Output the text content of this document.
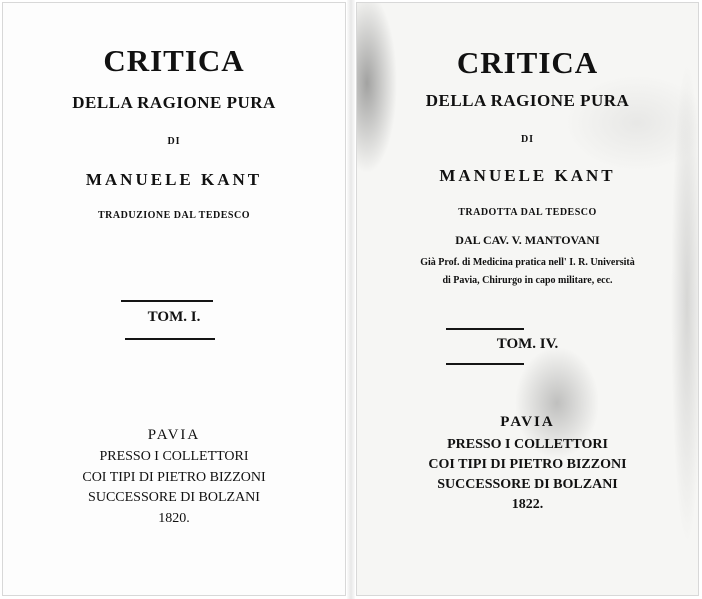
CRITICA
DELLA RAGIONE PURA
DI
MANUELE KANT
TRADUZIONE DAL TEDESCO
TOM. I.
PAVIA
PRESSO I COLLETTORI
COI TIPI DI PIETRO BIZZONI
SUCCESSORE DI BOLZANI
1820.
CRITICA
DELLA RAGIONE PURA
DI
MANUELE KANT
TRADOTTA DAL TEDESCO
DAL CAV. V. MANTOVANI
Già Prof. di Medicina pratica nell' I. R. Università
di Pavia, Chirurgo in capo militare, ecc.
TOM. IV.
PAVIA
PRESSO I COLLETTORI
COI TIPI DI PIETRO BIZZONI
SUCCESSORE DI BOLZANI
1822.
